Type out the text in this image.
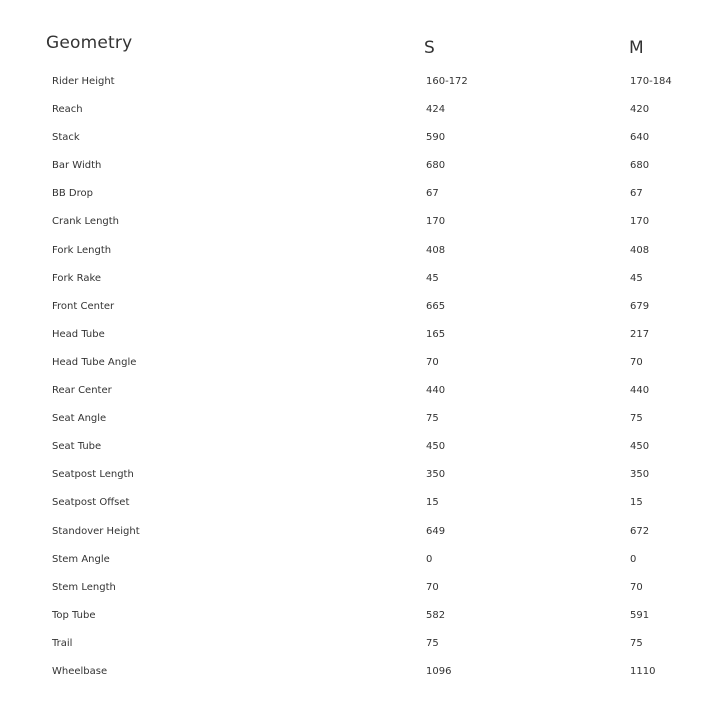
Geometry	S	M
Rider Height	160-172	170-184
Reach	424	420
Stack	590	640
Bar Width	680	680
BB Drop	67	67
Crank Length	170	170
Fork Length	408	408
Fork Rake	45	45
Front Center	665	679
Head Tube	165	217
Head Tube Angle	70	70
Rear Center	440	440
Seat Angle	75	75
Seat Tube	450	450
Seatpost Length	350	350
Seatpost Offset	15	15
Standover Height	649	672
Stem Angle	0	0
Stem Length	70	70
Top Tube	582	591
Trail	75	75
Wheelbase	1096	1110
